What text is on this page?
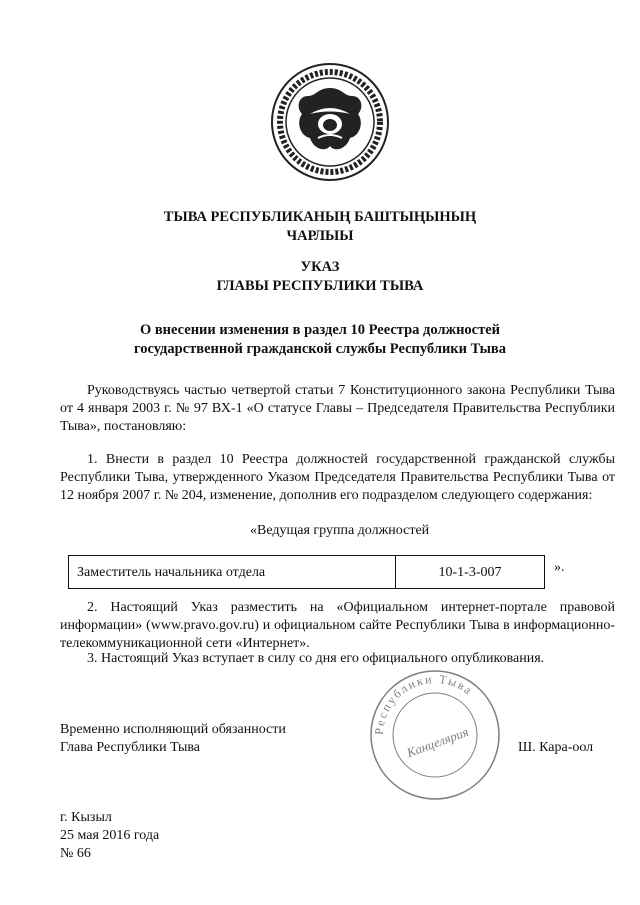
ТЫВА РЕСПУБЛИКАНЫҢ БАШТЫҢЫНЫҢ
ЧАРЛЫЫ
УКАЗ
ГЛАВЫ РЕСПУБЛИКИ ТЫВА
О внесении изменения в раздел 10 Реестра должностей
государственной гражданской службы Республики Тыва
Руководствуясь частью четвертой статьи 7 Конституционного закона Республики Тыва от 4 января 2003 г. № 97 ВХ-1 «О статусе Главы – Председателя Правительства Республики Тыва», постановляю:
1. Внести в раздел 10 Реестра должностей государственной гражданской службы Республики Тыва, утвержденного Указом Председателя Правительства Республики Тыва от 12 ноября 2007 г. № 204, изменение, дополнив его подразделом следующего содержания:
«Ведущая группа должностей
Заместитель начальника отдела	10-1-3-007	».
2. Настоящий Указ разместить на «Официальном интернет-портале правовой информации» (www.pravo.gov.ru) и официальном сайте Республики Тыва в информационно-телекоммуникационной сети «Интернет».
3. Настоящий Указ вступает в силу со дня его официального опубликования.
Республики Тыва
Канцелярия
Временно исполняющий обязанности
Глава Республики Тыва	Ш. Кара-оол
г. Кызыл
25 мая 2016 года
№ 66
